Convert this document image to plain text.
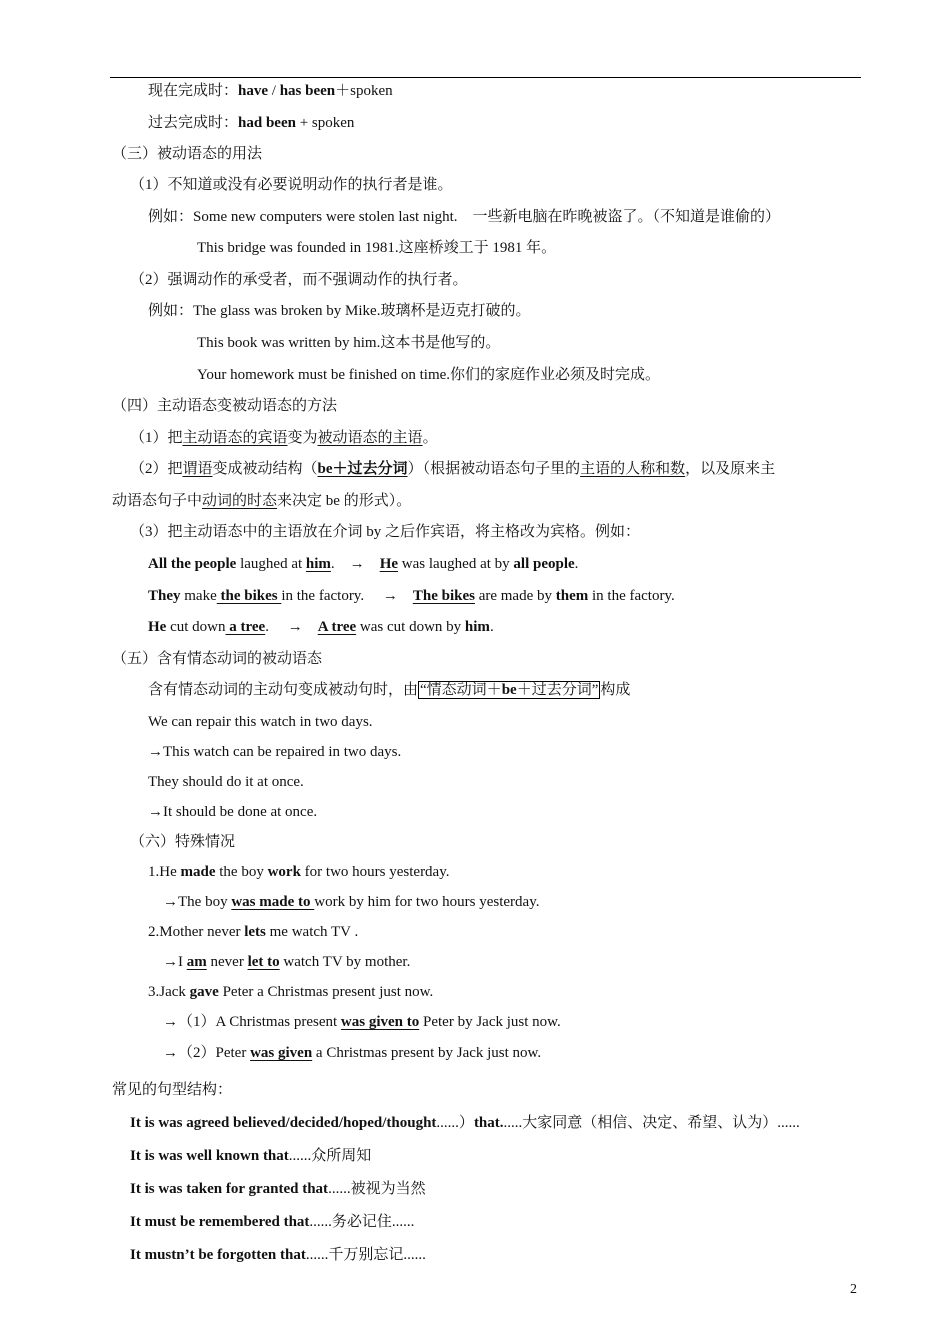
现在完成时：have / has been＋spoken
过去完成时：had been + spoken
（三）被动语态的用法
（1）不知道或没有必要说明动作的执行者是谁。
例如：Some new computers were stolen last night.　一些新电脑在昨晚被盗了。（不知道是谁偷的）
This bridge was founded in 1981.这座桥竣工于 1981 年。
（2）强调动作的承受者，而不强调动作的执行者。
例如：The glass was broken by Mike.玻璃杯是迈克打破的。
This book was written by him.这本书是他写的。
Your homework must be finished on time.你们的家庭作业必须及时完成。
（四）主动语态变被动语态的方法
（1）把主动语态的宾语变为被动语态的主语。
（2）把谓语变成被动结构（be＋过去分词）（根据被动语态句子里的主语的人称和数，以及原来主
动语态句子中动词的时态来决定 be 的形式）。
（3）把主动语态中的主语放在介词 by 之后作宾语，将主格改为宾格。例如：
All the people laughed at him.　→　He was laughed at by all people.
They make the bikes in the factory.　 →　The bikes are made by them in the factory.
He cut down a tree.　 →　A tree was cut down by him.
（五）含有情态动词的被动语态
含有情态动词的主动句变成被动句时，由 “情态动词＋be＋过去分词” 构成
We can repair this watch in two days.
→This watch can be repaired in two days.
They should do it at once.
→It should be done at once.
（六）特殊情况
1.He made the boy work for two hours yesterday.
→The boy was made to work by him for two hours yesterday.
2.Mother never lets me watch TV .
→I am never let to watch TV by mother.
3.Jack gave Peter a Christmas present just now.
→（1）A Christmas present was given to Peter by Jack just now.
→（2）Peter was given a Christmas present by Jack just now.
常见的句型结构：
It is was agreed believed/decided/hoped/thought......）that......大家同意（相信、决定、希望、认为）......
It is was well known that......众所周知
It is was taken for granted that......被视为当然
It must be remembered that......务必记住......
It mustn’t be forgotten that......千万别忘记......
2
